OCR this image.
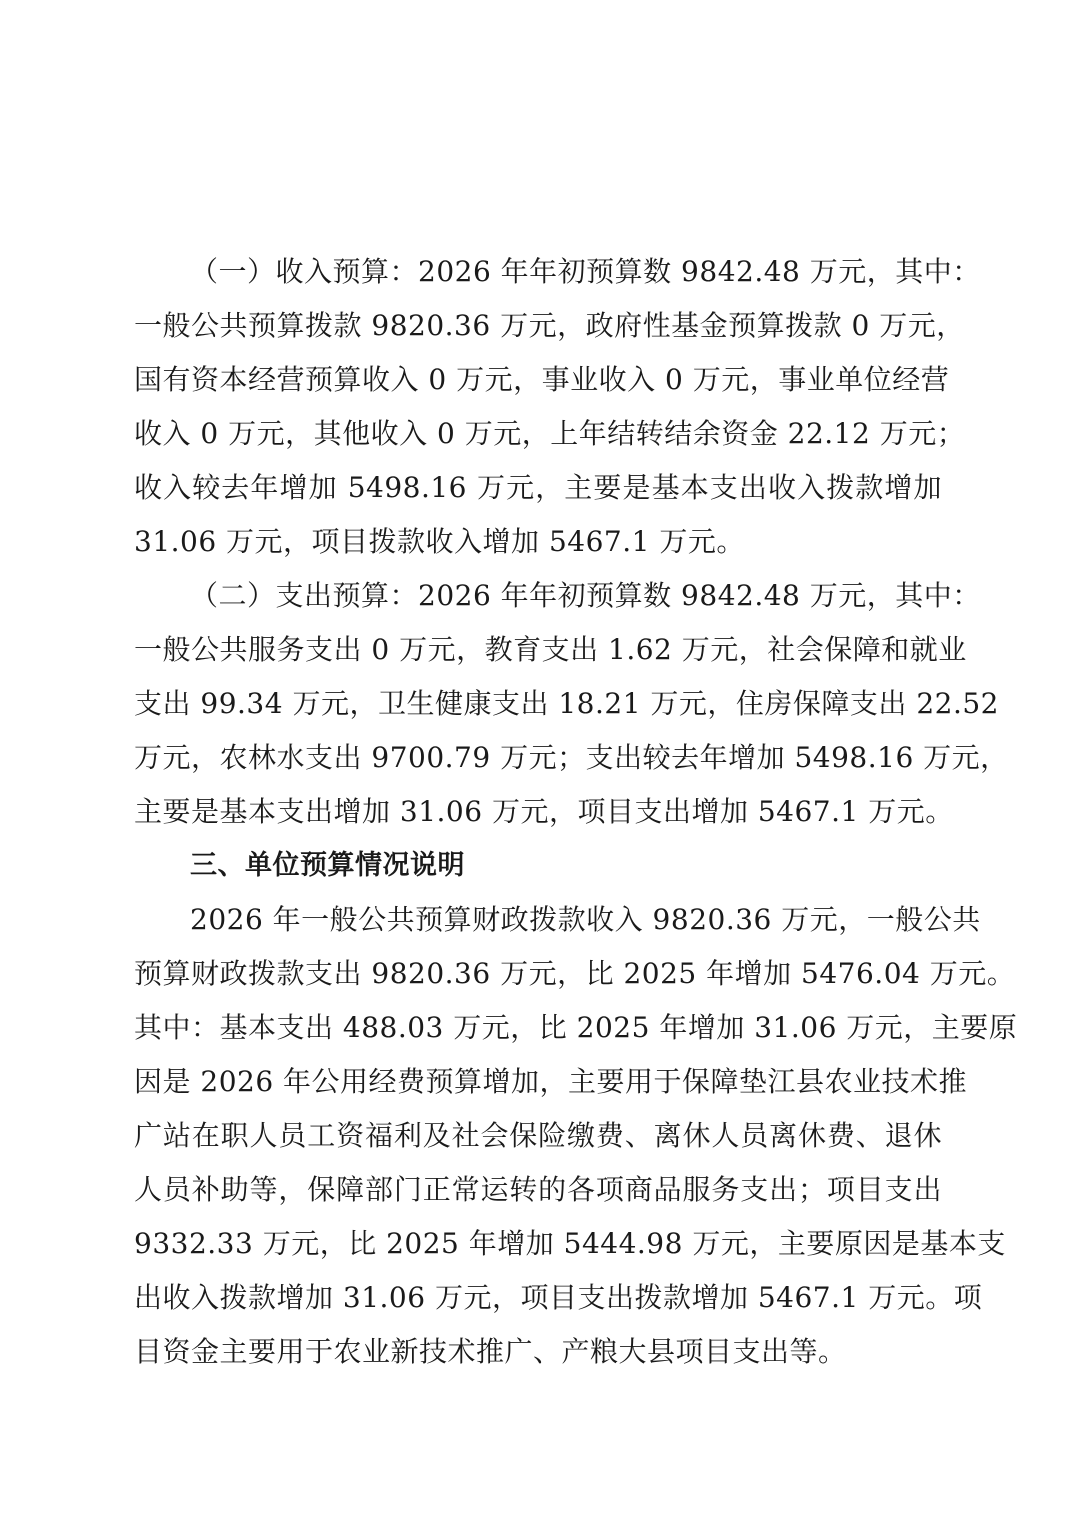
（一）收入预算：2026 年年初预算数 9842.48 万元，其中：
一般公共预算拨款 9820.36 万元，政府性基金预算拨款 0 万元，
国有资本经营预算收入 0 万元，事业收入 0 万元，事业单位经营
收入 0 万元，其他收入 0 万元，上年结转结余资金 22.12 万元；
收入较去年增加 5498.16 万元，主要是基本支出收入拨款增加
31.06 万元，项目拨款收入增加 5467.1 万元。
（二）支出预算：2026 年年初预算数 9842.48 万元，其中：
一般公共服务支出 0 万元，教育支出 1.62 万元，社会保障和就业
支出 99.34 万元，卫生健康支出 18.21 万元，住房保障支出 22.52
万元，农林水支出 9700.79 万元；支出较去年增加 5498.16 万元，
主要是基本支出增加 31.06 万元，项目支出增加 5467.1 万元。
三、单位预算情况说明
2026 年一般公共预算财政拨款收入 9820.36 万元，一般公共
预算财政拨款支出 9820.36 万元，比 2025 年增加 5476.04 万元。
其中：基本支出 488.03 万元，比 2025 年增加 31.06 万元，主要原
因是 2026 年公用经费预算增加，主要用于保障垫江县农业技术推
广站在职人员工资福利及社会保险缴费、离休人员离休费、退休
人员补助等，保障部门正常运转的各项商品服务支出；项目支出
9332.33 万元，比 2025 年增加 5444.98 万元，主要原因是基本支
出收入拨款增加 31.06 万元，项目支出拨款增加 5467.1 万元。项
目资金主要用于农业新技术推广、产粮大县项目支出等。
